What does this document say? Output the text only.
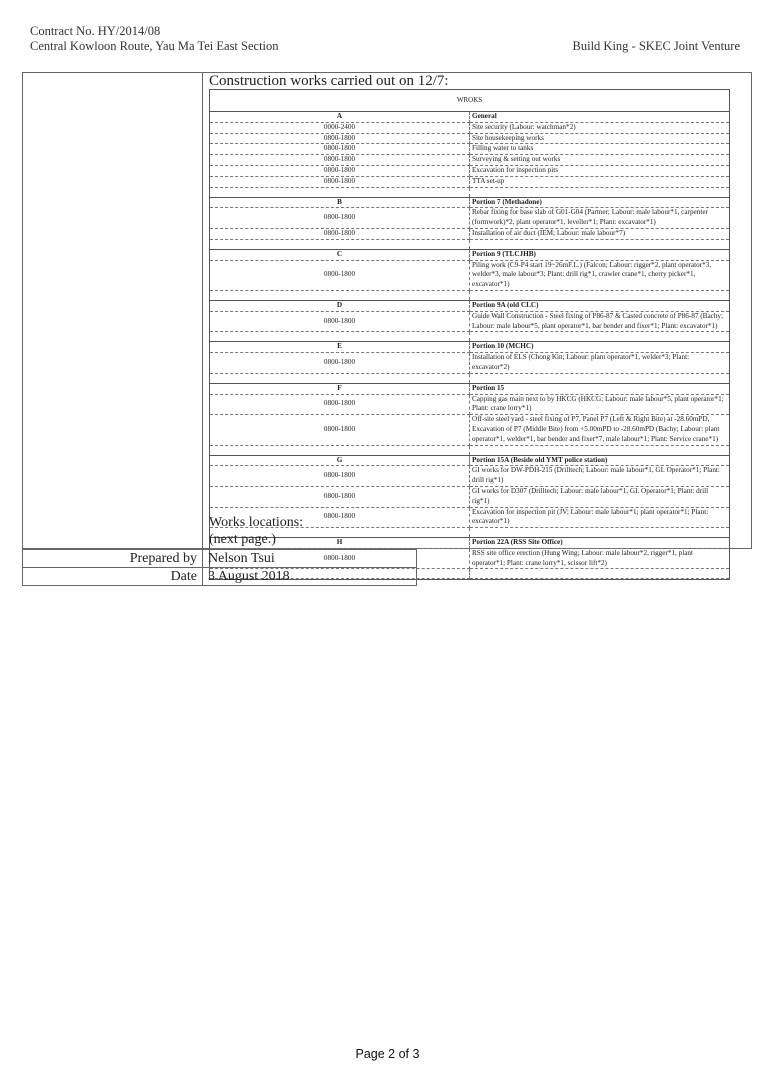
Contract No. HY/2014/08
Central Kowloon Route, Yau Ma Tei East Section	Build King - SKEC Joint Venture
Construction works carried out on 12/7:
WROKS	
A	General
0000-2400	Site security (Labour: watchman*2)
0800-1800	Site housekeeping works
0800-1800	Filling water to tanks
0800-1800	Surveying & setting out works
0800-1800	Excavation for inspection pits
0800-1800	TTA set-up

B	Portion 7 (Methadone)
0800-1800	Rebar fixing for base slab of G01-G04 (Partner; Labour: male labour*1, carpenter (formwork)*2, plant operator*1, leveller*1; Plant: excavator*1)
0800-1800	Installation of air duct (IEM; Labour: male labour*7)

C	Portion 9 (TLCJHB)
0800-1800	Piling work (C9-P4 start 19~26mF.L.) (Falcon; Labour: rigger*2, plant operator*3, welder*3, male labour*3; Plant: drill rig*1, crawler crane*1, cherry picker*1, excavator*1)

D	Portion 9A (old CLC)
0800-1800	Guide Wall Construction - Steel fixing of P86-87 & Casted concrete of P86-87 (Bachy; Labour: male labour*5, plant operator*1, bar bender and fixer*1; Plant: excavator*1)

E	Portion 10 (MCHC)
0800-1800	Installation of ELS (Chong Kin; Labour: plant operator*1, welder*3; Plant: excavator*2)

F	Portion 15
0800-1800	Capping gas main next to by HKCG (HKCG; Labour: male labour*5, plant operator*1; Plant: crane lorry*1)
0800-1800	Off-site steel yard - steel fixing of P7, Panel P7 (Left & Right Bite) at -28.60mPD, Excavation of P7 (Middle Bite) from +5.00mPD to -28.60mPD (Bachy; Labour: plant operator*1, welder*1, bar bender and fixer*7, male labour*1; Plant: Service crane*1)

G	Portion 15A (Beside old YMT police station)
0800-1800	GI works for DW-PDH-215 (Drilltech; Labour: male labour*1, GI. Operator*1; Plant: drill rig*1)
0800-1800	GI works for D307 (Drilltech; Labour: male labour*1, GI. Operator*1; Plant: drill rig*1)
0800-1800	Excavation for inspection pit (JV; Labour: male labour*1; plant operator*1; Plant: excavator*1)

H	Portion 22A (RSS Site Office)
0800-1800	RSS site office erection (Hung Wing; Labour: male labour*2, rigger*1, plant operator*1; Plant: crane lorry*1, scissor lift*2)

Works locations:
(next page.)
Prepared by	Nelson Tsui
Date	3 August 2018
Page 2 of 3
